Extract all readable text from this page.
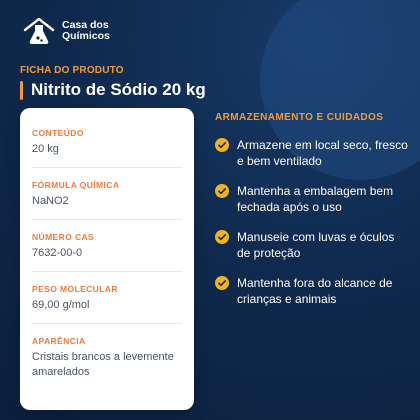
Casa dos
Químicos
FICHA DO PRODUTO
Nitrito de Sódio 20 kg
CONTEÚDO
20 kg
FÓRMULA QUÍMICA
NaNO2
NÚMERO CAS
7632-00-0
PESO MOLECULAR
69,00 g/mol
APARÊNCIA
Cristais brancos a levemente amarelados
ARMAZENAMENTO E CUIDADOS
Armazene em local seco, fresco e bem ventilado
Mantenha a embalagem bem fechada após o uso
Manuseie com luvas e óculos de proteção
Mantenha fora do alcance de crianças e animais
